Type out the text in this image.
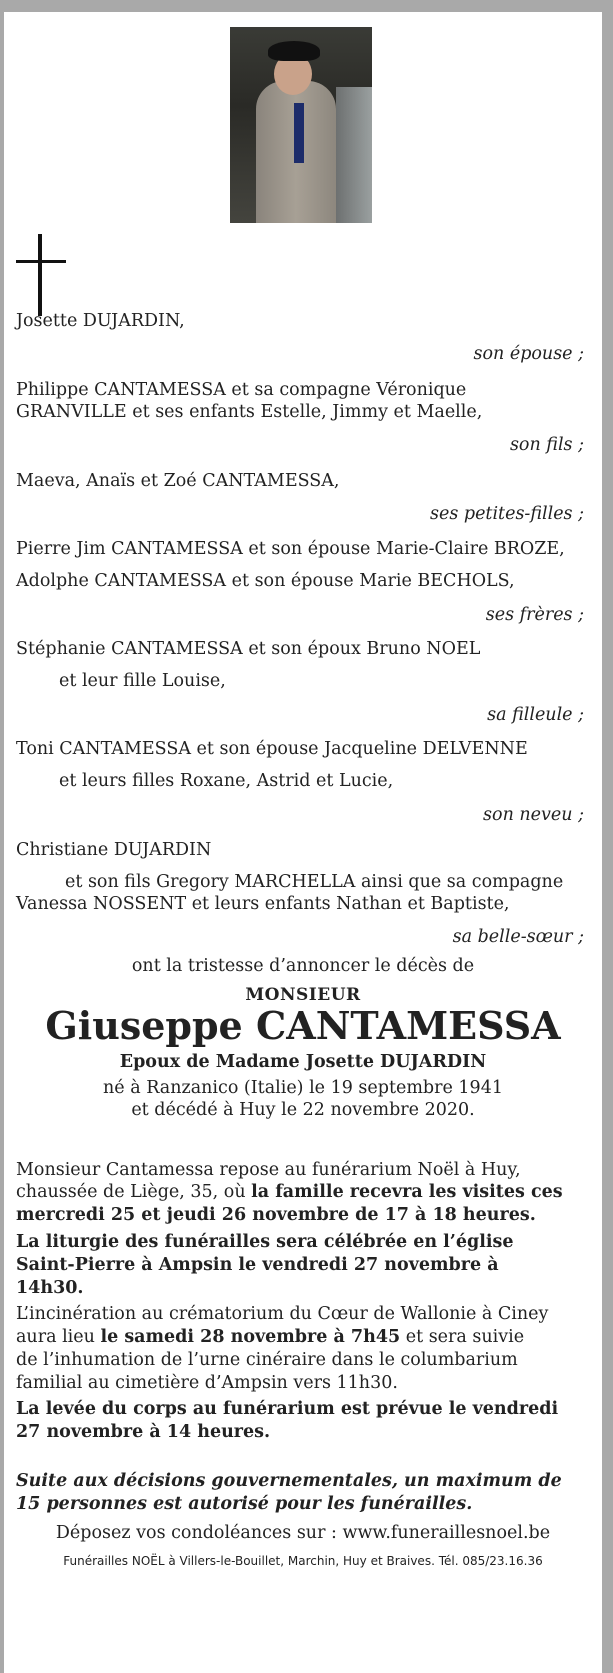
Josette DUJARDIN,
son épouse ;
Philippe CANTAMESSA et sa compagne Véronique
GRANVILLE et ses enfants Estelle, Jimmy et Maelle,
son fils ;
Maeva, Anaïs et Zoé CANTAMESSA,
ses petites-filles ;
Pierre Jim CANTAMESSA et son épouse Marie-Claire BROZE,
Adolphe CANTAMESSA et son épouse Marie BECHOLS,
ses frères ;
Stéphanie CANTAMESSA et son époux Bruno NOEL
et leur fille Louise,
sa filleule ;
Toni CANTAMESSA et son épouse Jacqueline DELVENNE
et leurs filles Roxane, Astrid et Lucie,
son neveu ;
Christiane DUJARDIN
et son fils Gregory MARCHELLA ainsi que sa compagne
Vanessa NOSSENT et leurs enfants Nathan et Baptiste,
sa belle-sœur ;
ont la tristesse d’annoncer le décès de
MONSIEUR
Giuseppe CANTAMESSA
Epoux de Madame Josette DUJARDIN
né à Ranzanico (Italie) le 19 septembre 1941
et décédé à Huy le 22 novembre 2020.
Monsieur Cantamessa repose au funérarium Noël à Huy,
chaussée de Liège, 35, où la famille recevra les visites ces
mercredi 25 et jeudi 26 novembre de 17 à 18 heures.
La liturgie des funérailles sera célébrée en l’église
Saint-Pierre à Ampsin le vendredi 27 novembre à
14h30.
L’incinération au crématorium du Cœur de Wallonie à Ciney
aura lieu le samedi 28 novembre à 7h45 et sera suivie
de l’inhumation de l’urne cinéraire dans le columbarium
familial au cimetière d’Ampsin vers 11h30.
La levée du corps au funérarium est prévue le vendredi
27 novembre à 14 heures.
Suite aux décisions gouvernementales, un maximum de
15 personnes est autorisé pour les funérailles.
Déposez vos condoléances sur : www.funeraillesnoel.be
Funérailles NOËL à Villers-le-Bouillet, Marchin, Huy et Braives. Tél. 085/23.16.36
